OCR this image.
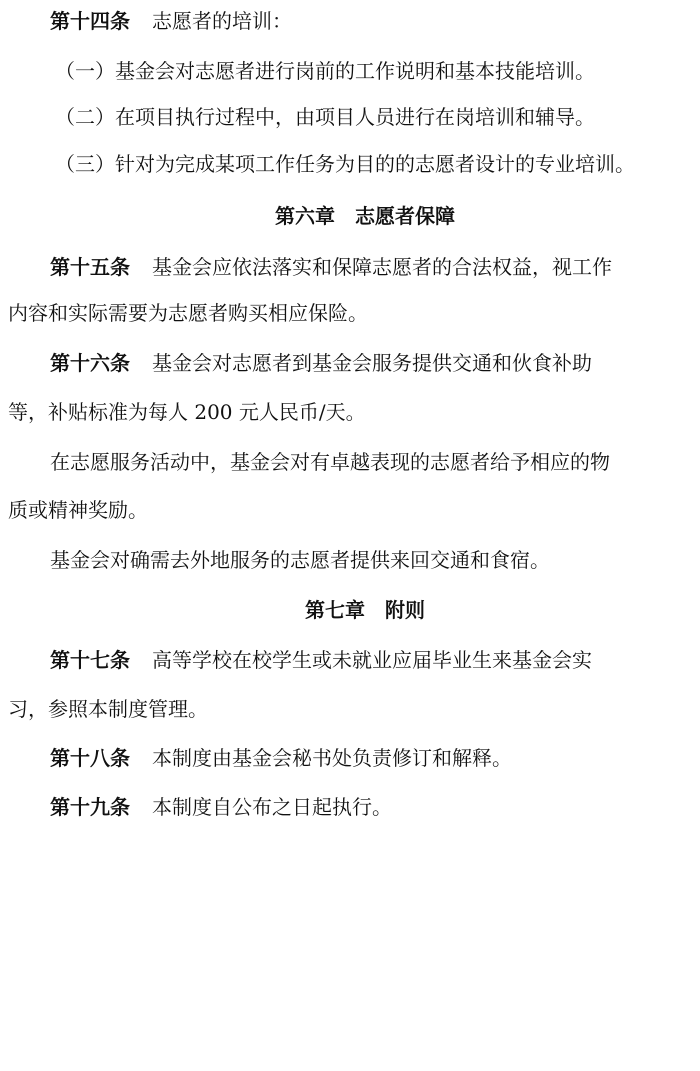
第十四条 志愿者的培训：
（一）基金会对志愿者进行岗前的工作说明和基本技能培训。
（二）在项目执行过程中，由项目人员进行在岗培训和辅导。
（三）针对为完成某项工作任务为目的的志愿者设计的专业培训。
第六章　志愿者保障
第十五条 基金会应依法落实和保障志愿者的合法权益，视工作
内容和实际需要为志愿者购买相应保险。
第十六条 基金会对志愿者到基金会服务提供交通和伙食补助
等，补贴标准为每人 200 元人民币/天。
在志愿服务活动中，基金会对有卓越表现的志愿者给予相应的物
质或精神奖励。
基金会对确需去外地服务的志愿者提供来回交通和食宿。
第七章　附则
第十七条 高等学校在校学生或未就业应届毕业生来基金会实
习，参照本制度管理。
第十八条 本制度由基金会秘书处负责修订和解释。
第十九条 本制度自公布之日起执行。
